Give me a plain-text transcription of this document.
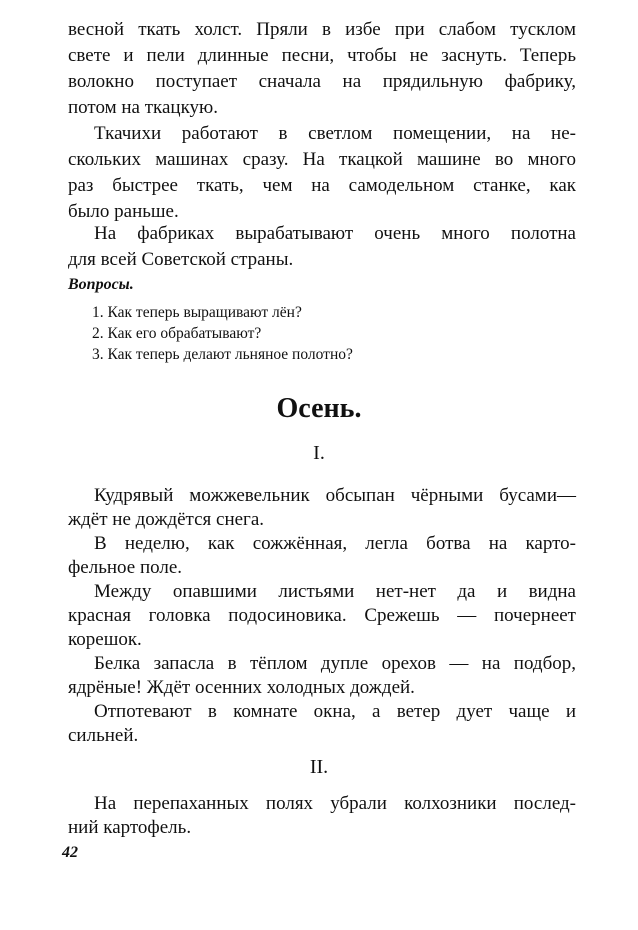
весной ткать холст. Пряли в избе при слабом тусклом
свете и пели длинные песни, чтобы не заснуть. Теперь
волокно поступает сначала на прядильную фабрику,
потом на ткацкую.
Ткачихи работают в светлом помещении, на не-
скольких машинах сразу. На ткацкой машине во много
раз быстрее ткать, чем на самодельном станке, как
было раньше.
На фабриках вырабатывают очень много полотна
для всей Советской страны.
Вопросы.
1. Как теперь выращивают лён?
2. Как его обрабатывают?
3. Как теперь делают льняное полотно?
Осень.
I.
Кудрявый можжевельник обсыпан чёрными бусами—
ждёт не дождётся снега.
В неделю, как сожжённая, легла ботва на карто-
фельное поле.
Между опавшими листьями нет-нет да и видна
красная головка подосиновика. Срежешь — почернеет
корешок.
Белка запасла в тёплом дупле орехов — на подбор,
ядрёные! Ждёт осенних холодных дождей.
Отпотевают в комнате окна, а ветер дует чаще и
сильней.
II.
На перепаханных полях убрали колхозники послед-
ний картофель.
42
